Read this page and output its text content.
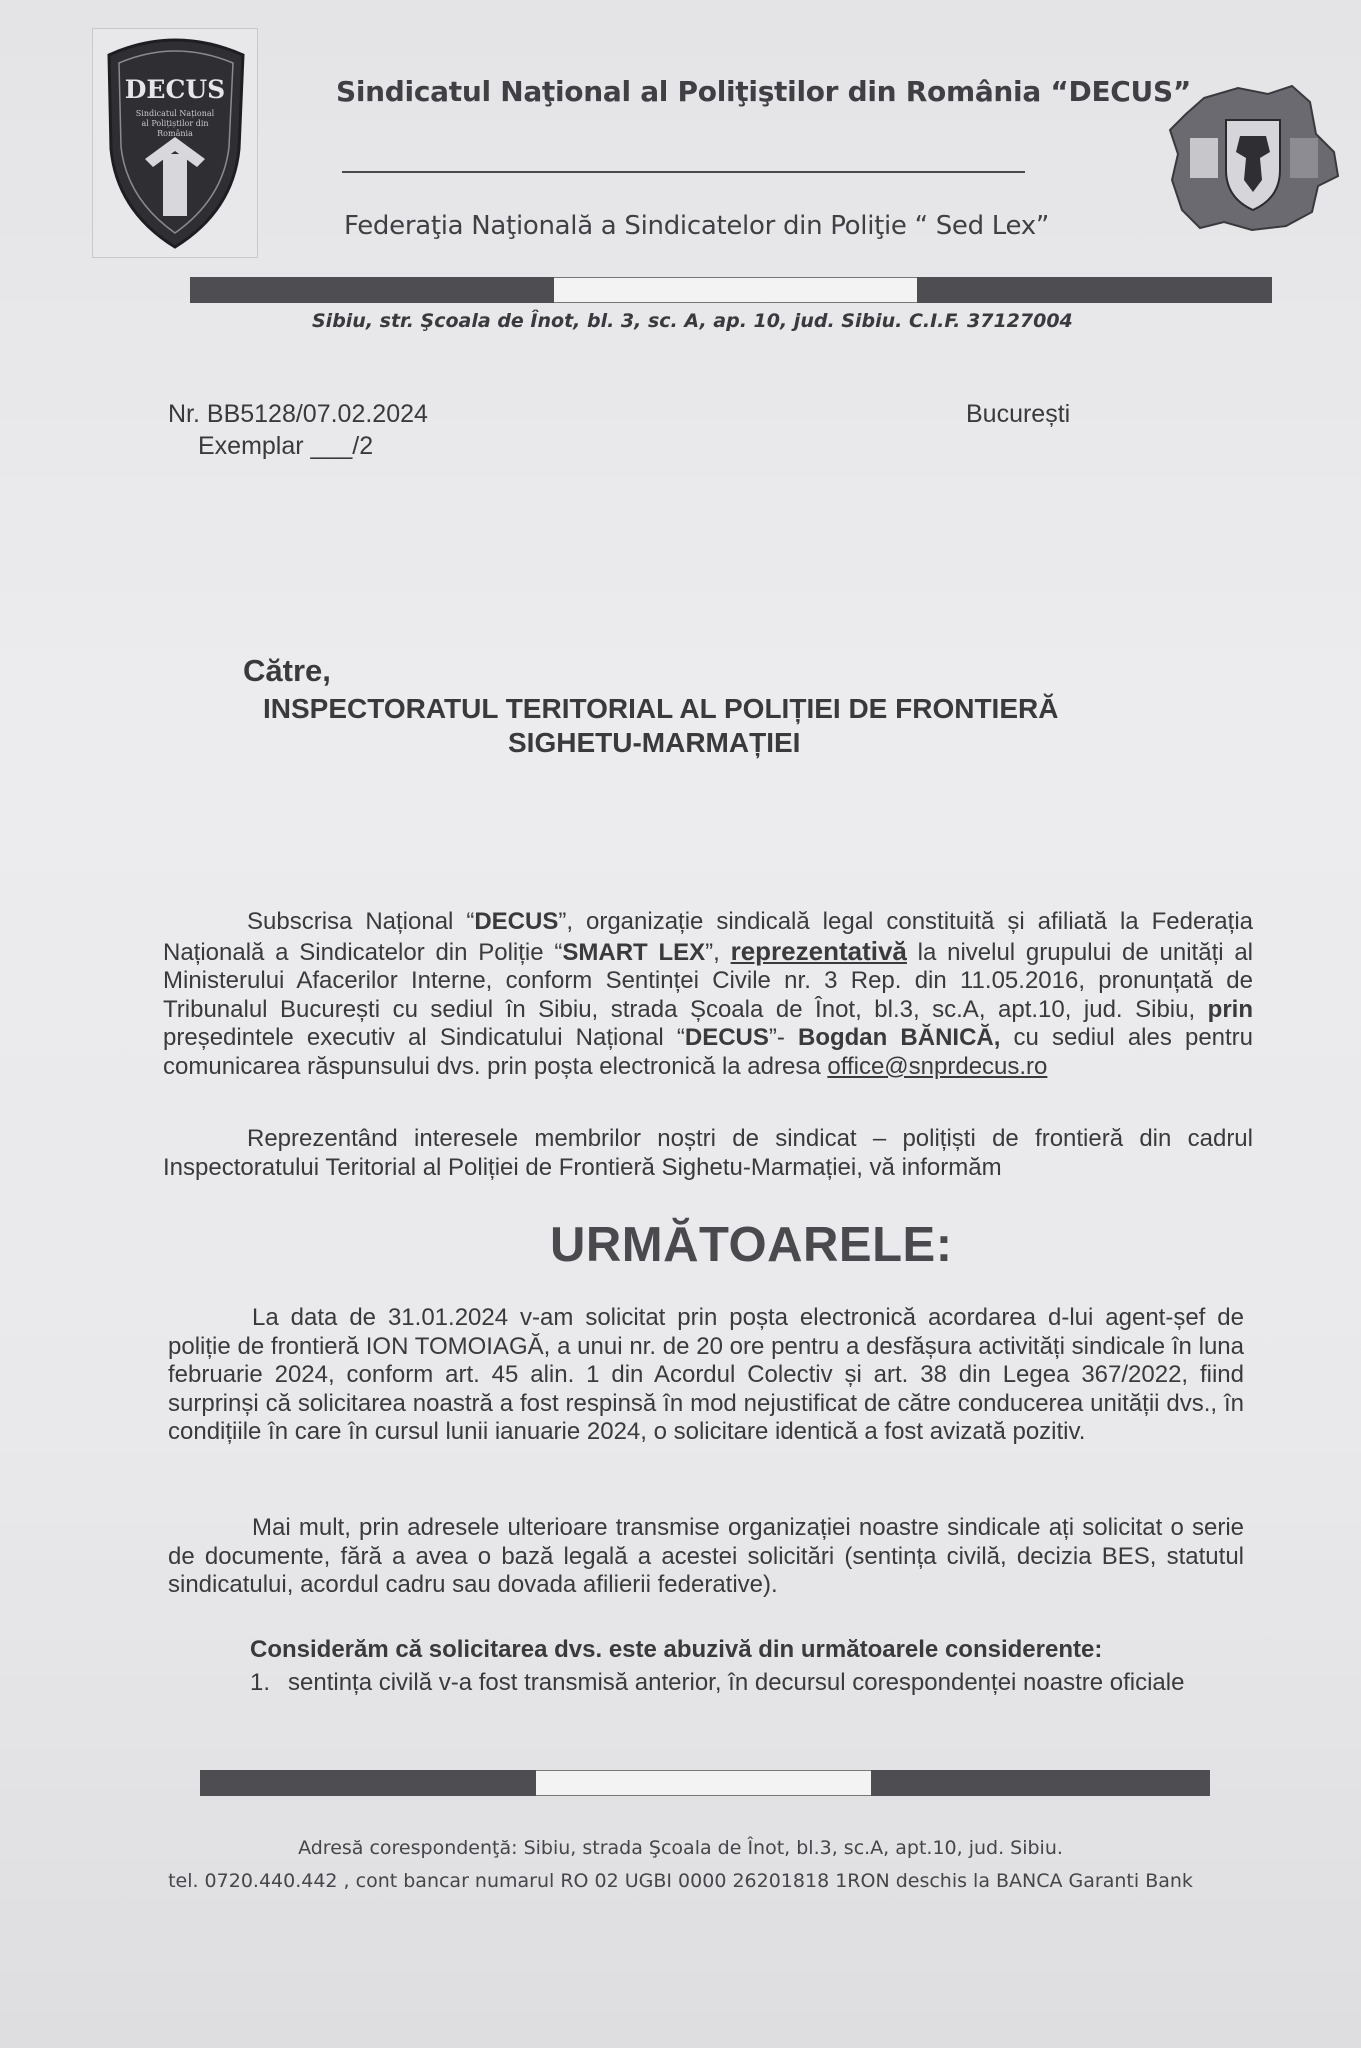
DECUS
Sindicatul Național al Polițiștilor din România
Sindicatul Naţional al Poliţiştilor din România “DECUS”
Federaţia Naţională a Sindicatelor din Poliţie “ Sed Lex”
Sibiu, str. Şcoala de Înot, bl. 3, sc. A, ap. 10, jud. Sibiu. C.I.F. 37127004
Nr. BB5128/07.02.2024
Exemplar ___/2
București
Către,
INSPECTORATUL TERITORIAL AL POLIȚIEI DE FRONTIERĂ
SIGHETU-MARMAȚIEI
Subscrisa Național “DECUS”, organizație sindicală legal constituită și afiliată la Federația Națională a Sindicatelor din Poliție “SMART LEX”, reprezentativă la nivelul grupului de unități al Ministerului Afacerilor Interne, conform Sentinței Civile nr. 3 Rep. din 11.05.2016, pronunțată de Tribunalul București cu sediul în Sibiu, strada Școala de Înot, bl.3, sc.A, apt.10, jud. Sibiu, prin președintele executiv al Sindicatului Național “DECUS”- Bogdan BĂNICĂ, cu sediul ales pentru comunicarea răspunsului dvs. prin poșta electronică la adresa office@snprdecus.ro
Reprezentând interesele membrilor noștri de sindicat – polițiști de frontieră din cadrul Inspectoratului Teritorial al Poliției de Frontieră Sighetu-Marmației, vă informăm
URMĂTOARELE:
La data de 31.01.2024 v-am solicitat prin poșta electronică acordarea d-lui agent-șef de poliție de frontieră ION TOMOIAGĂ, a unui nr. de 20 ore pentru a desfășura activități sindicale în luna februarie 2024, conform art. 45 alin. 1 din Acordul Colectiv și art. 38 din Legea 367/2022, fiind surprinși că solicitarea noastră a fost respinsă în mod nejustificat de către conducerea unității dvs., în condițiile în care în cursul lunii ianuarie 2024, o solicitare identică a fost avizată pozitiv.
Mai mult, prin adresele ulterioare transmise organizației noastre sindicale ați solicitat o serie de documente, fără a avea o bază legală a acestei solicitări (sentința civilă, decizia BES, statutul sindicatului, acordul cadru sau dovada afilierii federative).
Considerăm că solicitarea dvs. este abuzivă din următoarele considerente:
1. sentința civilă v-a fost transmisă anterior, în decursul corespondenței noastre oficiale
Adresă corespondenţă: Sibiu, strada Şcoala de Înot, bl.3, sc.A, apt.10, jud. Sibiu.
tel. 0720.440.442 , cont bancar numarul RO 02 UGBI 0000 26201818 1RON deschis la BANCA Garanti Bank
